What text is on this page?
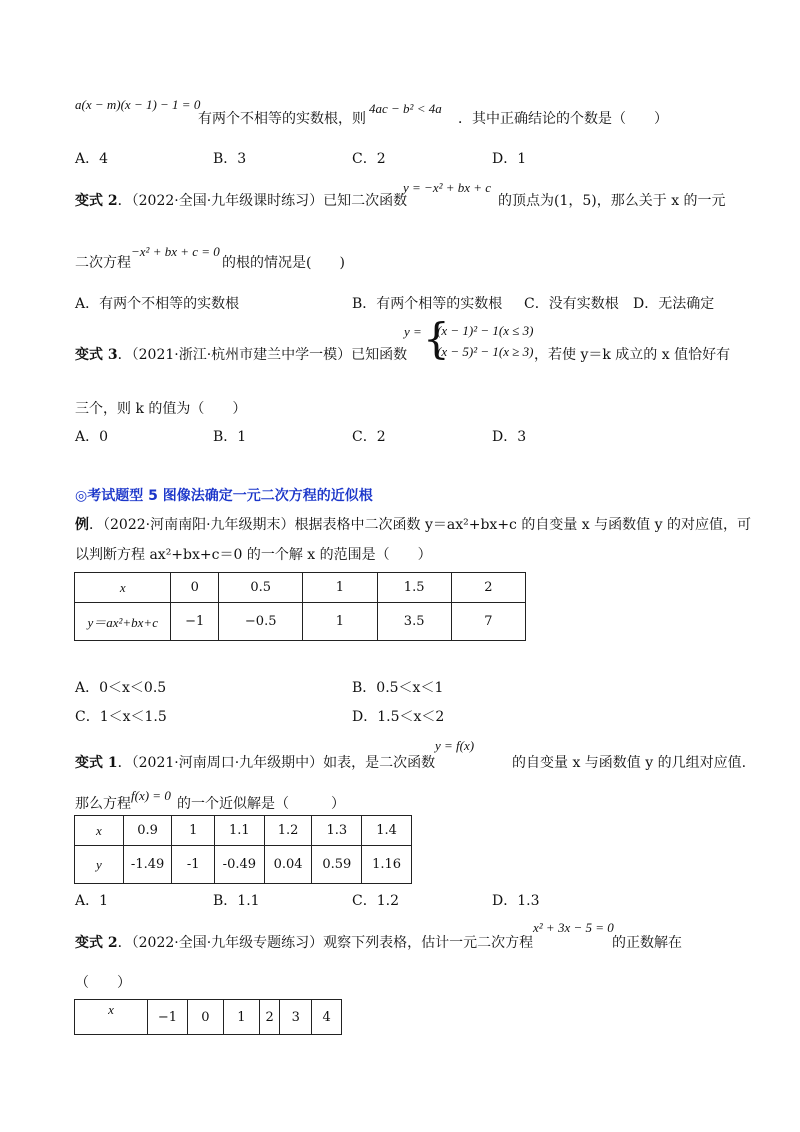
a(x − m)(x − 1) − 1 = 0
有两个不相等的实数根，则
4ac − b² < 4a
．其中正确结论的个数是（　　）
A．4	B．3	C．2	D．1
变式 2．（2022·全国·九年级课时练习）已知二次函数
y = −x² + bx + c
的顶点为(1，5)，那么关于 x 的一元
二次方程
−x² + bx + c = 0
的根的情况是(　　)
A．有两个不相等的实数根	B．有两个相等的实数根 C．没有实数根 D．无法确定
变式 3．（2021·浙江·杭州市建兰中学一模）已知函数
y = {
(x − 1)² − 1(x ≤ 3)
(x − 5)² − 1(x ≥ 3) ，若使 y＝k 成立的 x 值恰好有
三个，则 k 的值为（　　）
A．0	B．1	C．2	D．3
◎考试题型 5 图像法确定一元二次方程的近似根
例．（2022·河南南阳·九年级期末）根据表格中二次函数 y＝ax²+bx+c 的自变量 x 与函数值 y 的对应值，可
以判断方程 ax²+bx+c＝0 的一个解 x 的范围是（　　）
x	0	0.5	1	1.5	2
y＝ax²+bx+c	−1	−0.5	1	3.5	7
A．0＜x＜0.5	B．0.5＜x＜1
C．1＜x＜1.5	D．1.5＜x＜2
变式 1．（2021·河南周口·九年级期中）如表，是二次函数
y = f(x)
的自变量 x 与函数值 y 的几组对应值.
那么方程
f(x) = 0
的一个近似解是（　　　）
x	0.9	1	1.1	1.2	1.3	1.4
y	-1.49	-1	-0.49	0.04	0.59	1.16
A．1	B．1.1	C．1.2	D．1.3
变式 2．（2022·全国·九年级专题练习）观察下列表格，估计一元二次方程
x² + 3x − 5 = 0
的正数解在
（　　）
x	−1	0	1	2	3	4
